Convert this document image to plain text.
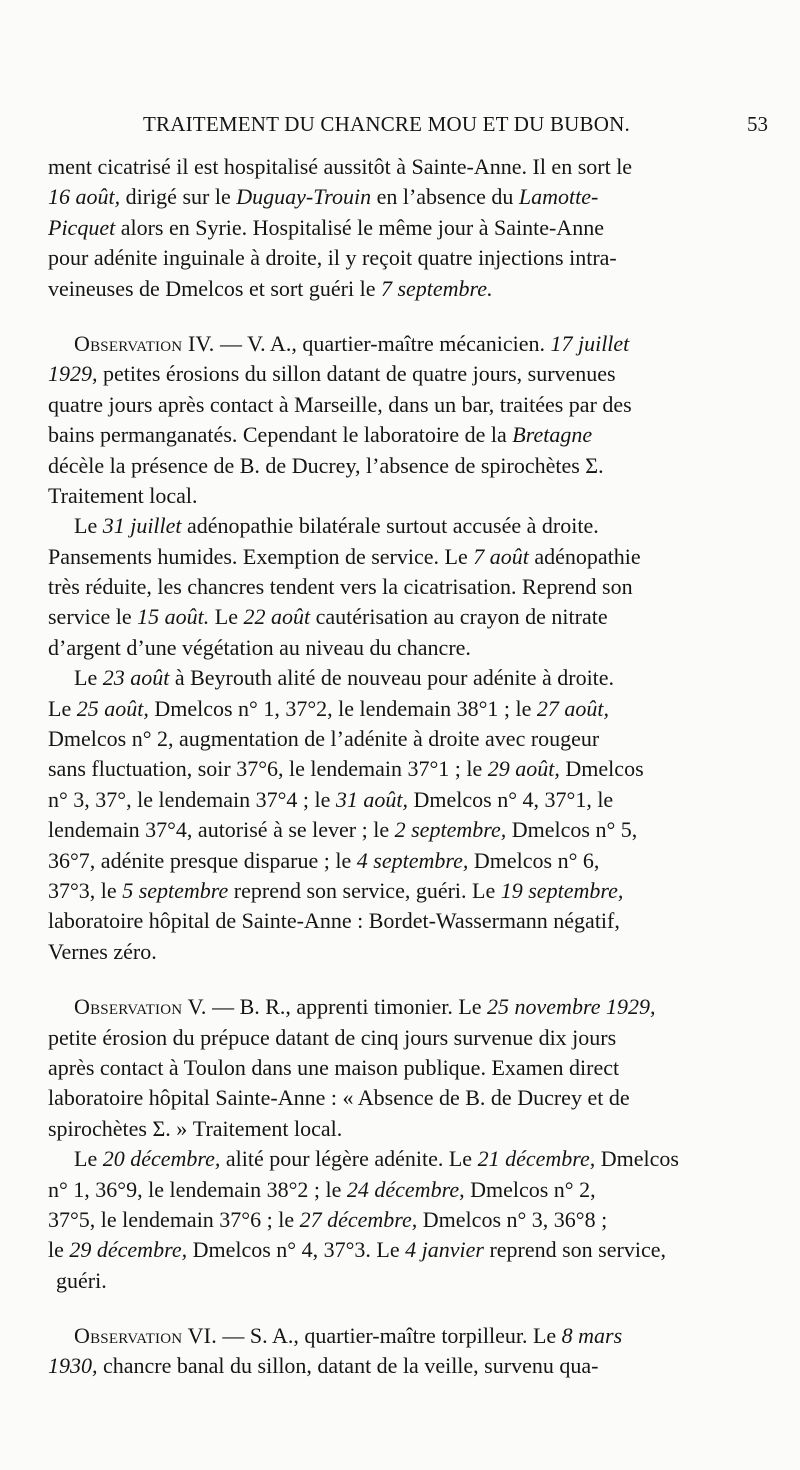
TRAITEMENT DU CHANCRE MOU ET DU BUBON.	53
ment cicatrisé il est hospitalisé aussitôt à Sainte-Anne. Il en sort le
16 août, dirigé sur le Duguay-Trouin en l’absence du Lamotte-
Picquet alors en Syrie. Hospitalisé le même jour à Sainte-Anne
pour adénite inguinale à droite, il y reçoit quatre injections intra-
veineuses de Dmelcos et sort guéri le 7 septembre.
Observation IV. — V. A., quartier-maître mécanicien. 17 juillet
1929, petites érosions du sillon datant de quatre jours, survenues
quatre jours après contact à Marseille, dans un bar, traitées par des
bains permanganatés. Cependant le laboratoire de la Bretagne
décèle la présence de B. de Ducrey, l’absence de spirochètes Σ.
Traitement local.
Le 31 juillet adénopathie bilatérale surtout accusée à droite.
Pansements humides. Exemption de service. Le 7 août adénopathie
très réduite, les chancres tendent vers la cicatrisation. Reprend son
service le 15 août. Le 22 août cautérisation au crayon de nitrate
d’argent d’une végétation au niveau du chancre.
Le 23 août à Beyrouth alité de nouveau pour adénite à droite.
Le 25 août, Dmelcos n° 1, 37°2, le lendemain 38°1 ; le 27 août,
Dmelcos n° 2, augmentation de l’adénite à droite avec rougeur
sans fluctuation, soir 37°6, le lendemain 37°1 ; le 29 août, Dmelcos
n° 3, 37°, le lendemain 37°4 ; le 31 août, Dmelcos n° 4, 37°1, le
lendemain 37°4, autorisé à se lever ; le 2 septembre, Dmelcos n° 5,
36°7, adénite presque disparue ; le 4 septembre, Dmelcos n° 6,
37°3, le 5 septembre reprend son service, guéri. Le 19 septembre,
laboratoire hôpital de Sainte-Anne : Bordet-Wassermann négatif,
Vernes zéro.
Observation V. — B. R., apprenti timonier. Le 25 novembre 1929,
petite érosion du prépuce datant de cinq jours survenue dix jours
après contact à Toulon dans une maison publique. Examen direct
laboratoire hôpital Sainte-Anne : « Absence de B. de Ducrey et de
spirochètes Σ. » Traitement local.
Le 20 décembre, alité pour légère adénite. Le 21 décembre, Dmelcos
n° 1, 36°9, le lendemain 38°2 ; le 24 décembre, Dmelcos n° 2,
37°5, le lendemain 37°6 ; le 27 décembre, Dmelcos n° 3, 36°8 ;
le 29 décembre, Dmelcos n° 4, 37°3. Le 4 janvier reprend son service,
guéri.
Observation VI. — S. A., quartier-maître torpilleur. Le 8 mars
1930, chancre banal du sillon, datant de la veille, survenu qua-
